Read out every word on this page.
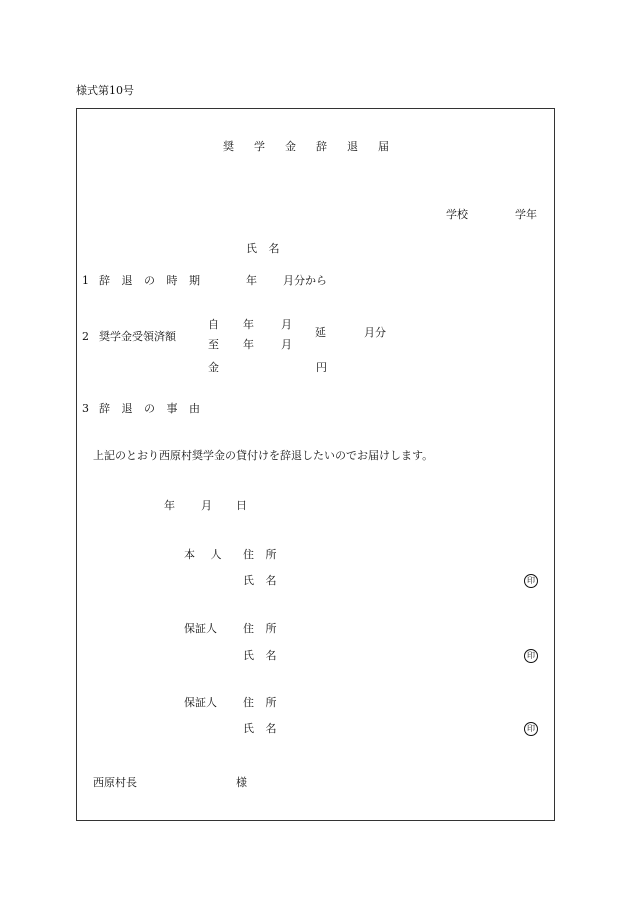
様式第10号
奨学金辞退届
学校	学年
氏 名
1 辞 退 の 時 期	年 月分から
2 奨学金受領済額
自 年 月
至 年 月
延	月分
金	円
3 辞 退 の 事 由
上記のとおり西原村奨学金の貸付けを辞退したいのでお届けします。
年 月 日
本 人 住 所
氏 名	印
保証人 住 所
氏 名	印
保証人 住 所
氏 名	印
西原村長	様
